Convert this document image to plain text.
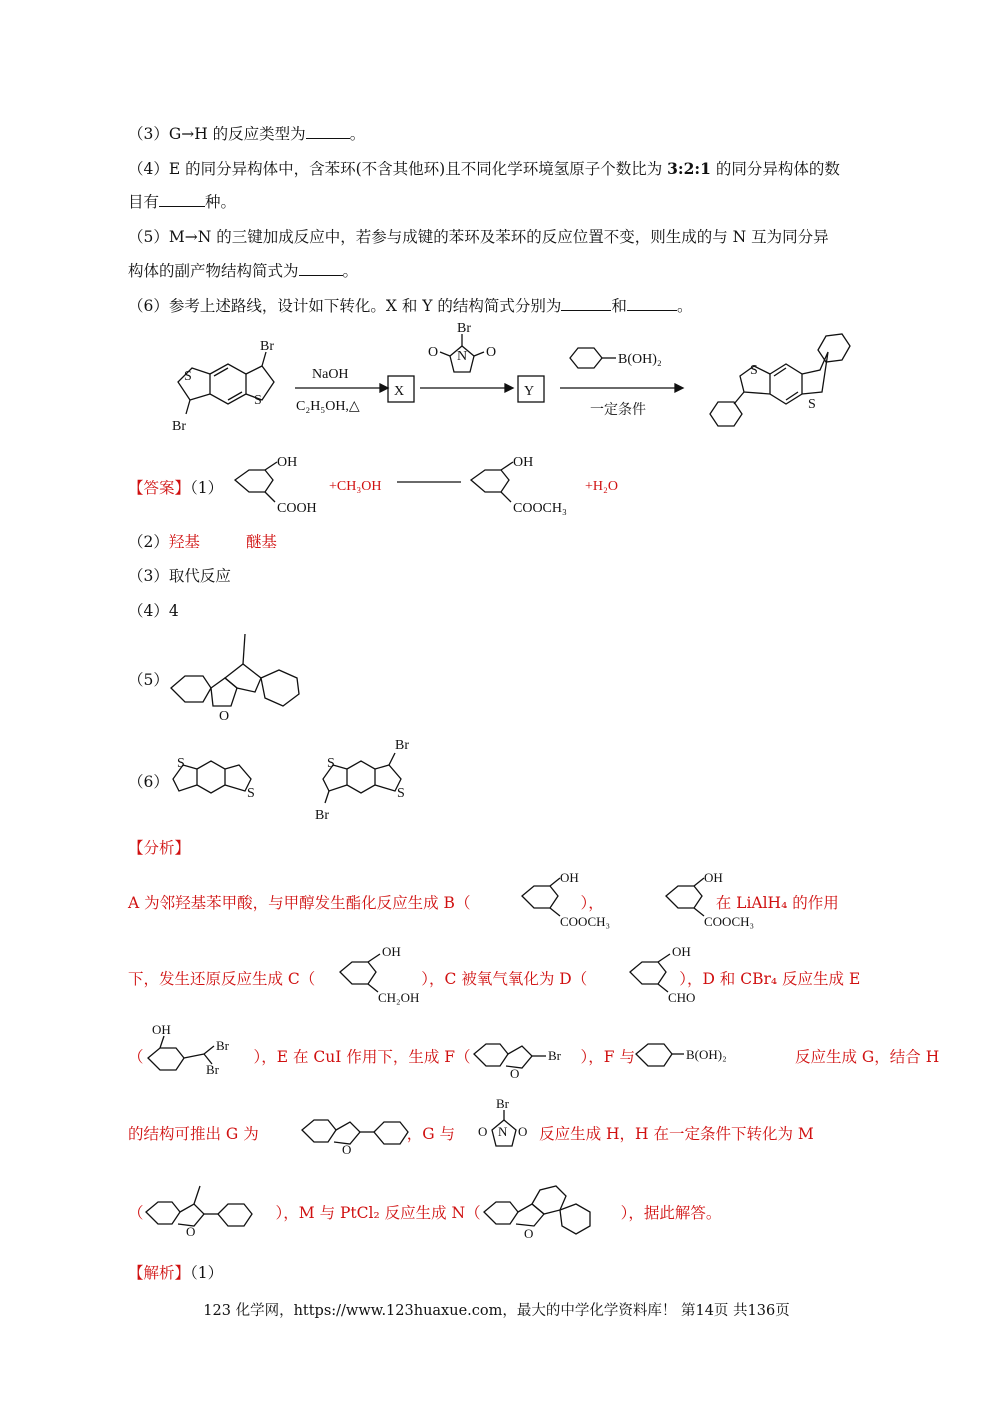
（3）G→H 的反应类型为	。
（4）E 的同分异构体中，含苯环(不含其他环)且不同化学环境氢原子个数比为 3:2:1 的同分异构体的数
目有	种。
（5）M→N 的三键加成反应中，若参与成键的苯环及苯环的反应位置不变，则生成的与 N 互为同分异
构体的副产物结构简式为	。
（6）参考上述路线，设计如下转化。X 和 Y 的结构简式分别为	和	。
S
S
Br
Br
NaOH
C₂H₅OH,△
X	Y
Br
N
O	O	B(OH)₂
一定条件
S
S
【答案】（1）
OH
COOH
OH
COOCH₃
+CH₃OH	+H₂O
（2）羟基	醚基
（3）取代反应
（4）4
（5）
O
（6）
S
S
S
S
Br
Br
【分析】
A 为邻羟基苯甲酸，与甲醇发生酯化反应生成 B（	），	在 LiAlH₄ 的作用
下，发生还原反应生成 C（	），C 被氧气氧化为 D（	），D 和 CBr₄ 反应生成 E
（	），E 在 CuI 作用下，生成 F（	），F 与	反应生成 G，结合 H
的结构可推出 G 为	，G 与	反应生成 H，H 在一定条件下转化为 M
（	），M 与 PtCl₂ 反应生成 N（	），据此解答。
OH
COOCH₃
OH
COOCH₃
OH
CH₂OH
OH
CHO
OH
Br
Br	O
Br	B(OH)₂
O
Br
N
O O
O	O
【解析】（1）
123 化学网，https://www.123huaxue.com，最大的中学化学资料库！ 第14页 共136页
